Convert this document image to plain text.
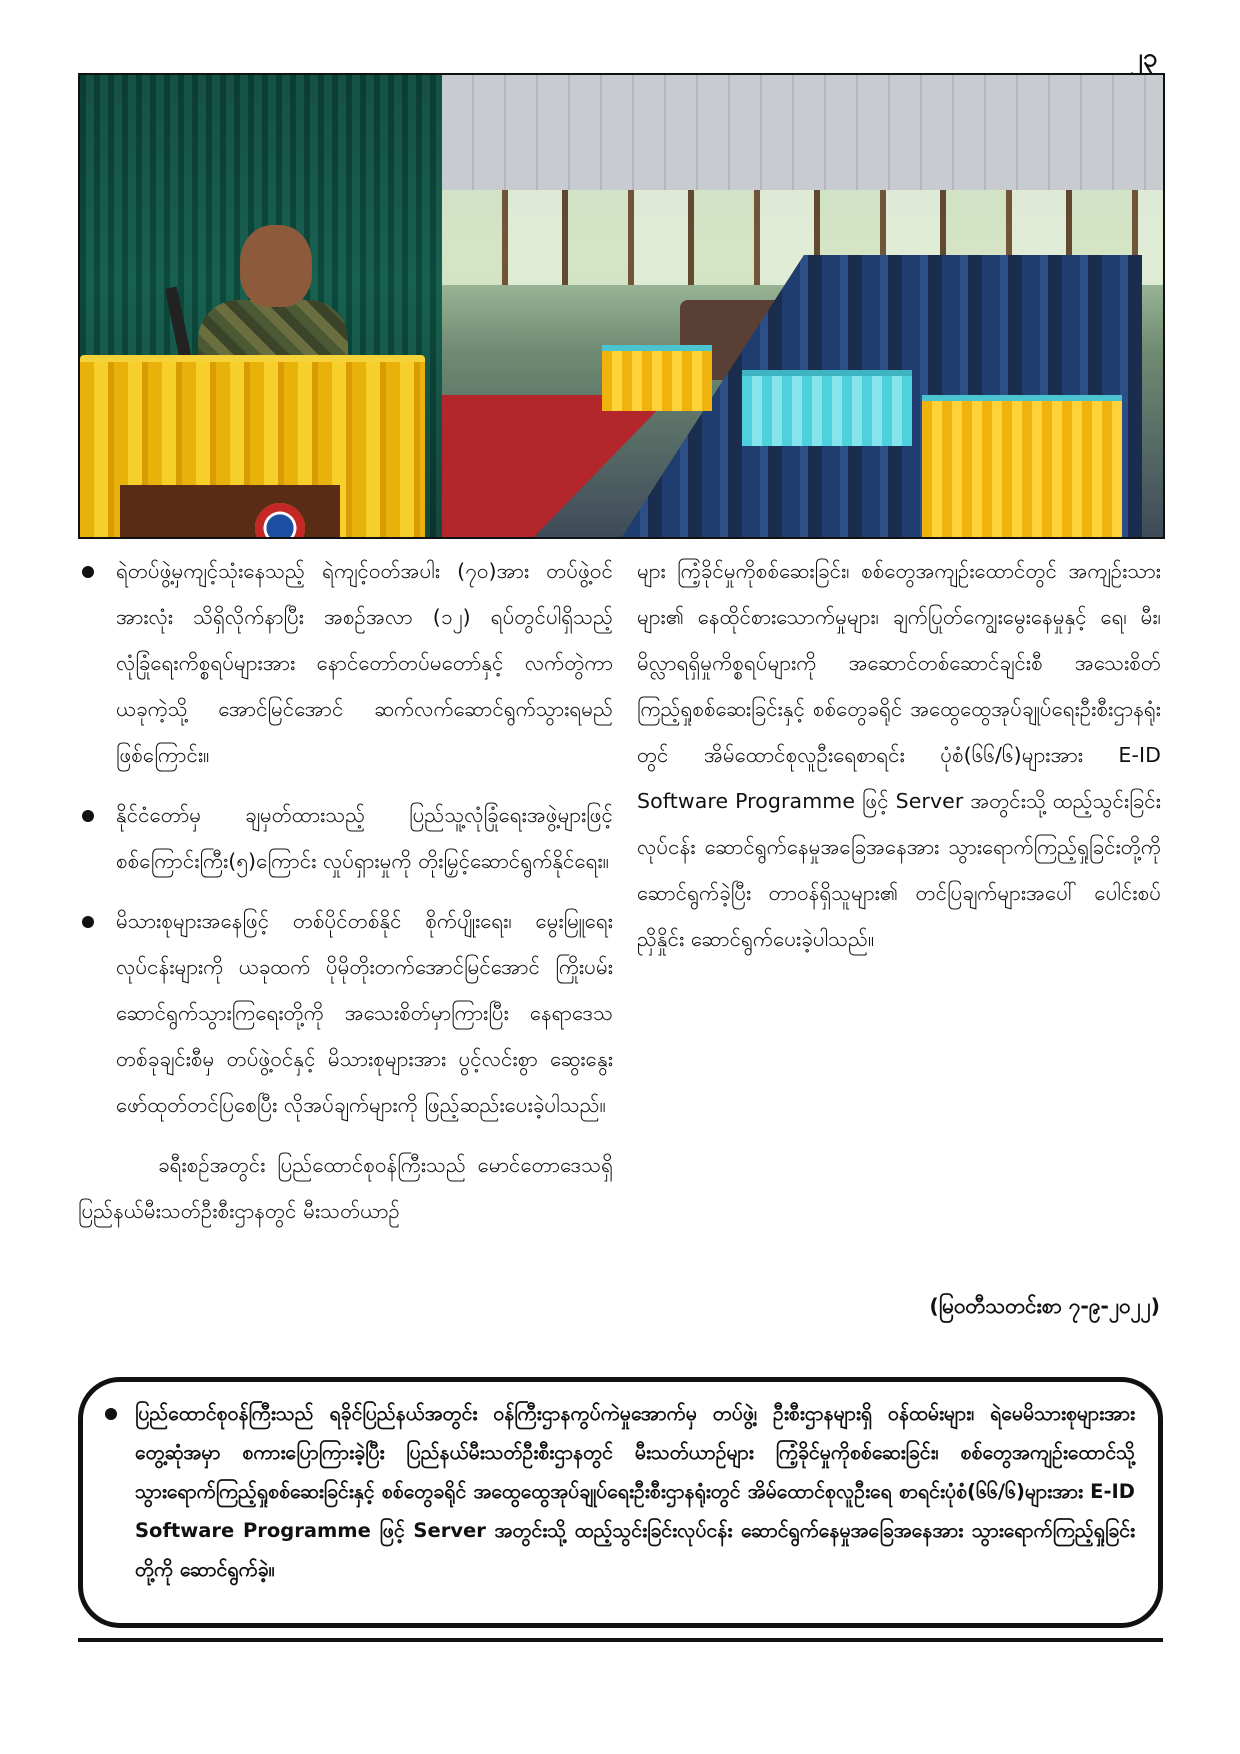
၂၃

ရဲတပ်ဖွဲ့မှကျင့်သုံးနေသည့် ရဲကျင့်ဝတ်အပါး (၇၀)အား တပ်ဖွဲ့ဝင်အားလုံး သိရှိလိုက်နာပြီး အစဉ်အလာ (၁၂) ရပ်တွင်ပါရှိသည့် လုံခြုံရေးကိစ္စရပ်များအား နောင်တော်တပ်မတော်နှင့် လက်တွဲကာ ယခုကဲ့သို့ အောင်မြင်အောင် ဆက်လက်ဆောင်ရွက်သွားရမည်ဖြစ်ကြောင်း။

နိုင်ငံတော်မှ ချမှတ်ထားသည့် ပြည်သူ့လုံခြုံရေးအဖွဲ့များဖြင့် စစ်ကြောင်းကြီး(၅)ကြောင်း လှုပ်ရှားမှုကို တိုးမြှင့်ဆောင်ရွက်နိုင်ရေး။

မိသားစုများအနေဖြင့် တစ်ပိုင်တစ်နိုင် စိုက်ပျိုးရေး၊ မွေးမြူရေးလုပ်ငန်းများကို ယခုထက် ပိုမိုတိုးတက်အောင်မြင်အောင် ကြိုးပမ်းဆောင်ရွက်သွားကြရေးတို့ကို အသေးစိတ်မှာကြားပြီး နေရာဒေသတစ်ခုချင်းစီမှ တပ်ဖွဲ့ဝင်နှင့် မိသားစုများအား ပွင့်လင်းစွာ ဆွေးနွေးဖော်ထုတ်တင်ပြစေပြီး လိုအပ်ချက်များကို ဖြည့်ဆည်းပေးခဲ့ပါသည်။

ခရီးစဉ်အတွင်း ပြည်ထောင်စုဝန်ကြီးသည် မောင်တောဒေသရှိ ပြည်နယ်မီးသတ်ဦးစီးဌာနတွင် မီးသတ်ယာဉ်

များ ကြံ့ခိုင်မှုကိုစစ်ဆေးခြင်း၊ စစ်တွေအကျဉ်းထောင်တွင် အကျဉ်းသားများ၏ နေထိုင်စားသောက်မှုများ၊ ချက်ပြုတ်ကျွေးမွေးနေမှုနှင့် ရေ၊ မီး၊ မိလ္လာရရှိမှုကိစ္စရပ်များကို အဆောင်တစ်ဆောင်ချင်းစီ အသေးစိတ်ကြည့်ရှုစစ်ဆေးခြင်းနှင့် စစ်တွေခရိုင် အထွေထွေအုပ်ချုပ်ရေးဦးစီးဌာနရုံးတွင် အိမ်ထောင်စုလူဦးရေစာရင်း ပုံစံ(၆၆/၆)များအား E-ID Software Programme ဖြင့် Server အတွင်းသို့ ထည့်သွင်းခြင်းလုပ်ငန်း ဆောင်ရွက်နေမှုအခြေအနေအား သွားရောက်ကြည့်ရှုခြင်းတို့ကို ဆောင်ရွက်ခဲ့ပြီး တာဝန်ရှိသူများ၏ တင်ပြချက်များအပေါ် ပေါင်းစပ်ညှိနှိုင်း ဆောင်ရွက်ပေးခဲ့ပါသည်။

(မြဝတီသတင်းစာ ၇-၉-၂၀၂၂)

ပြည်ထောင်စုဝန်ကြီးသည် ရခိုင်ပြည်နယ်အတွင်း ဝန်ကြီးဌာနကွပ်ကဲမှုအောက်မှ တပ်ဖွဲ့၊ ဦးစီးဌာနများရှိ ဝန်ထမ်းများ၊ ရဲမေမိသားစုများအား တွေ့ဆုံအမှာ စကားပြောကြားခဲ့ပြီး ပြည်နယ်မီးသတ်ဦးစီးဌာနတွင် မီးသတ်ယာဉ်များ ကြံ့ခိုင်မှုကိုစစ်ဆေးခြင်း၊ စစ်တွေအကျဉ်းထောင်သို့ သွားရောက်ကြည့်ရှုစစ်ဆေးခြင်းနှင့် စစ်တွေခရိုင် အထွေထွေအုပ်ချုပ်ရေးဦးစီးဌာနရုံးတွင် အိမ်ထောင်စုလူဦးရေ စာရင်းပုံစံ(၆၆/၆)များအား E-ID Software Programme ဖြင့် Server အတွင်းသို့ ထည့်သွင်းခြင်းလုပ်ငန်း ဆောင်ရွက်နေမှုအခြေအနေအား သွားရောက်ကြည့်ရှုခြင်းတို့ကို ဆောင်ရွက်ခဲ့။
